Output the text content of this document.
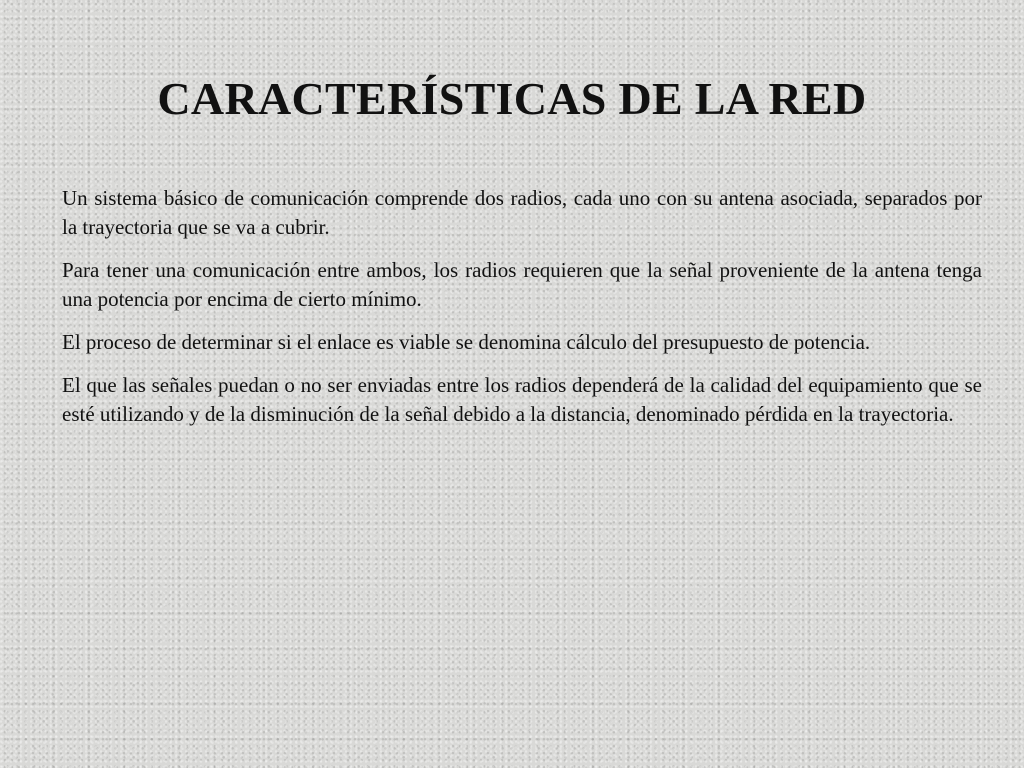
CARACTERÍSTICAS DE LA RED

Un sistema básico de comunicación comprende dos radios, cada uno con su antena asociada, separados por la trayectoria que se va a cubrir.

Para tener una comunicación entre ambos, los radios requieren que la señal proveniente de la antena tenga una potencia por encima de cierto mínimo.

El proceso de determinar si el enlace es viable se denomina cálculo del presupuesto de potencia.

El que las señales puedan o no ser enviadas entre los radios dependerá de la calidad del equipamiento que se esté utilizando y de la disminución de la señal debido a la distancia, denominado pérdida en la trayectoria.
